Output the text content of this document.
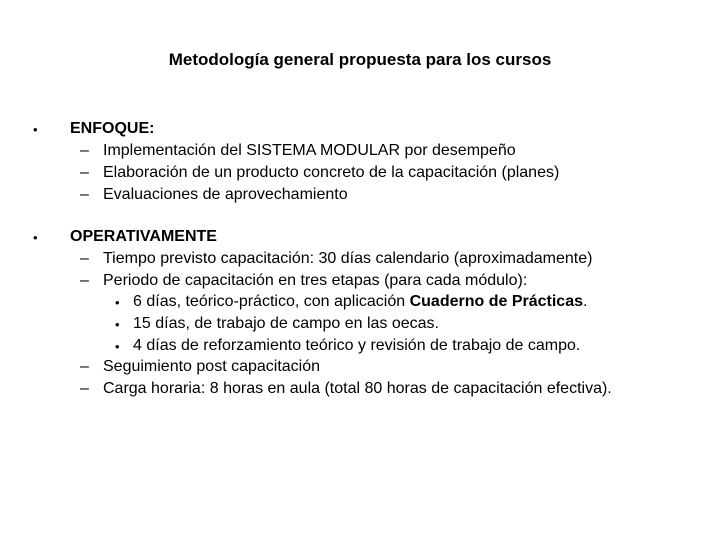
Metodología general propuesta para los cursos
• ENFOQUE:
– Implementación del SISTEMA MODULAR por desempeño
– Elaboración de un producto concreto de la capacitación (planes)
– Evaluaciones de aprovechamiento
• OPERATIVAMENTE
– Tiempo previsto capacitación: 30 días calendario (aproximadamente)
– Periodo de capacitación en tres etapas (para cada módulo):
• 6 días, teórico-práctico, con aplicación Cuaderno de Prácticas.
• 15 días, de trabajo de campo en las oecas.
• 4 días de reforzamiento teórico y revisión de trabajo de campo.
– Seguimiento post capacitación
– Carga horaria: 8 horas en aula (total 80 horas de capacitación efectiva).
